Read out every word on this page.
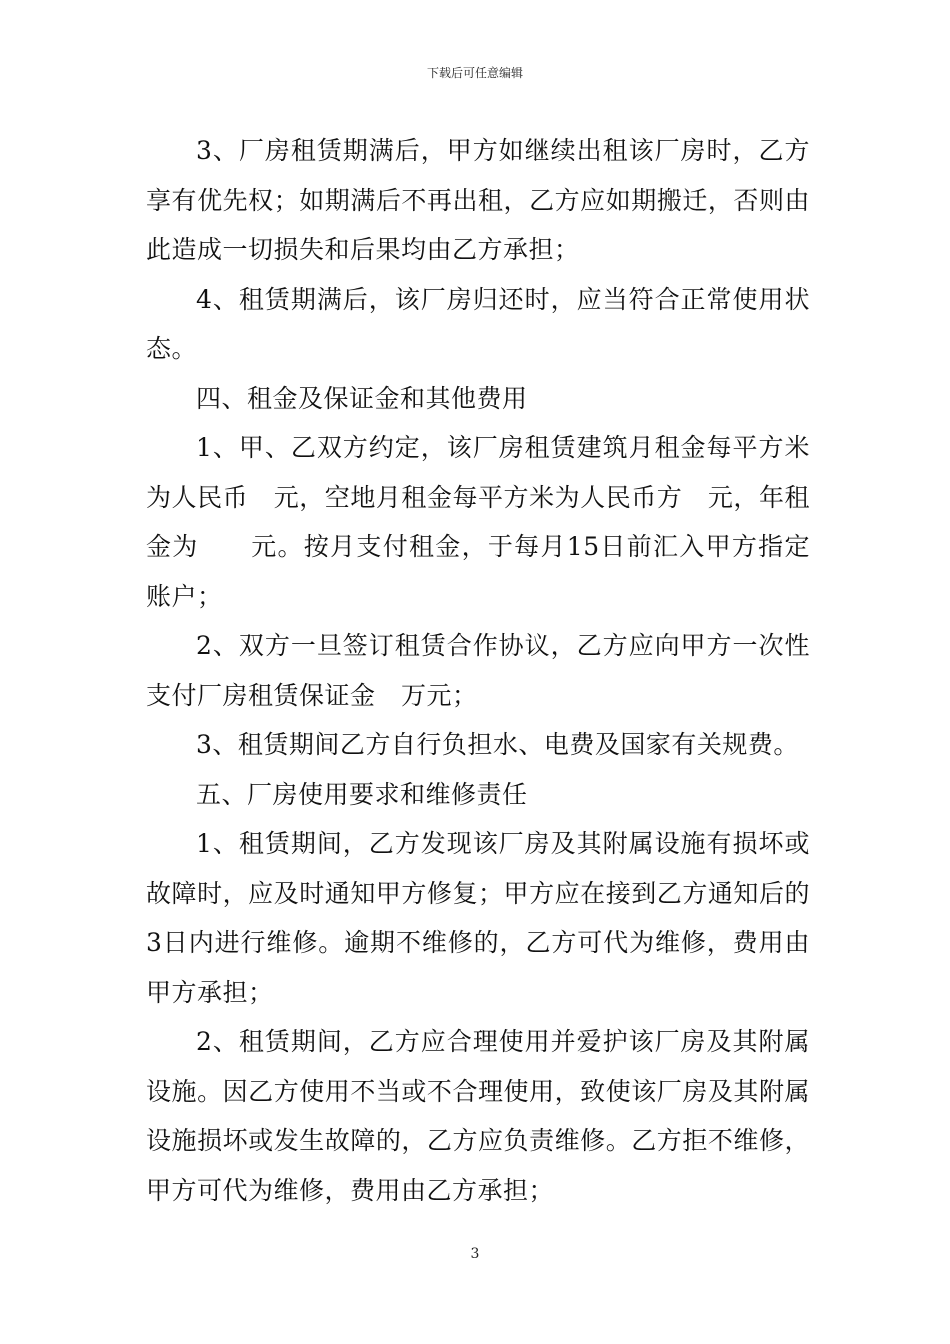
下载后可任意编辑

3、厂房租赁期满后，甲方如继续出租该厂房时，乙方享有优先权；如期满后不再出租，乙方应如期搬迁，否则由此造成一切损失和后果均由乙方承担；

4、租赁期满后，该厂房归还时，应当符合正常使用状态。

四、租金及保证金和其他费用

1、甲、乙双方约定，该厂房租赁建筑月租金每平方米为人民币　元，空地月租金每平方米为人民币方　元，年租金为　　元。按月支付租金，于每月15日前汇入甲方指定账户；

2、双方一旦签订租赁合作协议，乙方应向甲方一次性支付厂房租赁保证金　万元；

3、租赁期间乙方自行负担水、电费及国家有关规费。

五、厂房使用要求和维修责任

1、租赁期间，乙方发现该厂房及其附属设施有损坏或故障时，应及时通知甲方修复；甲方应在接到乙方通知后的3日内进行维修。逾期不维修的，乙方可代为维修，费用由甲方承担；

2、租赁期间，乙方应合理使用并爱护该厂房及其附属设施。因乙方使用不当或不合理使用，致使该厂房及其附属设施损坏或发生故障的，乙方应负责维修。乙方拒不维修，甲方可代为维修，费用由乙方承担；

3
